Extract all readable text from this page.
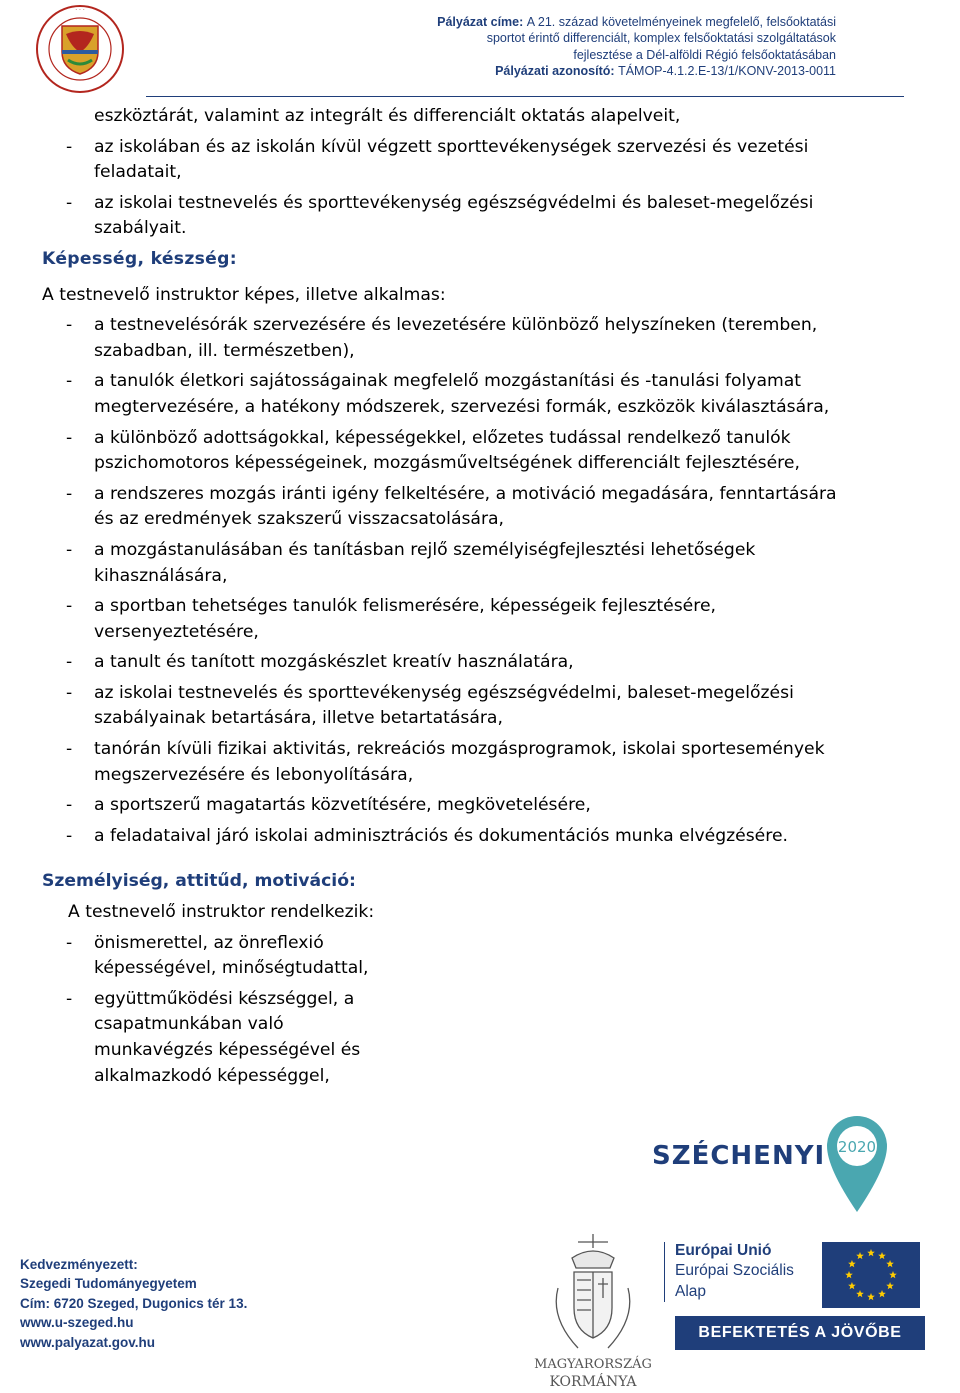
· · ·
Pályázat címe: A 21. század követelményeinek megfelelő, felsőoktatási
sportot érintő differenciált, komplex felsőoktatási szolgáltatások
fejlesztése a Dél-alföldi Régió felsőoktatásában
Pályázati azonosító: TÁMOP-4.1.2.E-13/1/KONV-2013-0011

eszköztárát, valamint az integrált és differenciált oktatás alapelveit,

- az iskolában és az iskolán kívül végzett sporttevékenységek szervezési és vezetési feladatait,

- az iskolai testnevelés és sporttevékenység egészségvédelmi és baleset-megelőzési szabályait.

Képesség, készség:

A testnevelő instruktor képes, illetve alkalmas:

- a testnevelésórák szervezésére és levezetésére különböző helyszíneken (teremben, szabadban, ill. természetben),

- a tanulók életkori sajátosságainak megfelelő mozgástanítási és -tanulási folyamat megtervezésére, a hatékony módszerek, szervezési formák, eszközök kiválasztására,

- a különböző adottságokkal, képességekkel, előzetes tudással rendelkező tanulók pszichomotoros képességeinek, mozgásműveltségének differenciált fejlesztésére,

- a rendszeres mozgás iránti igény felkeltésére, a motiváció megadására, fenntartására és az eredmények szakszerű visszacsatolására,

- a mozgástanulásában és tanításban rejlő személyiségfejlesztési lehetőségek kihasználására,

- a sportban tehetséges tanulók felismerésére, képességeik fejlesztésére, versenyeztetésére,

- a tanult és tanított mozgáskészlet kreatív használatára,

- az iskolai testnevelés és sporttevékenység egészségvédelmi, baleset-megelőzési szabályainak betartására, illetve betartatására,

- tanórán kívüli fizikai aktivitás, rekreációs mozgásprogramok, iskolai sportesemények megszervezésére és lebonyolítására,

- a sportszerű magatartás közvetítésére, megkövetelésére,

- a feladataival járó iskolai adminisztrációs és dokumentációs munka elvégzésére.

Személyiség, attitűd, motiváció:

A testnevelő instruktor rendelkezik:

- önismerettel, az önreflexió képességével, minőségtudattal,

- együttműködési készséggel, a csapatmunkában való munkavégzés képességével és alkalmazkodó képességgel,

SZÉCHENYI 2020
MAGYARORSZÁG
KORMÁNYA
Európai Unió
Európai Szociális
Alap
BEFEKTETÉS A JÖVŐBE
Kedvezményezett:
Szegedi Tudományegyetem
Cím: 6720 Szeged, Dugonics tér 13.
www.u-szeged.hu
www.palyazat.gov.hu
